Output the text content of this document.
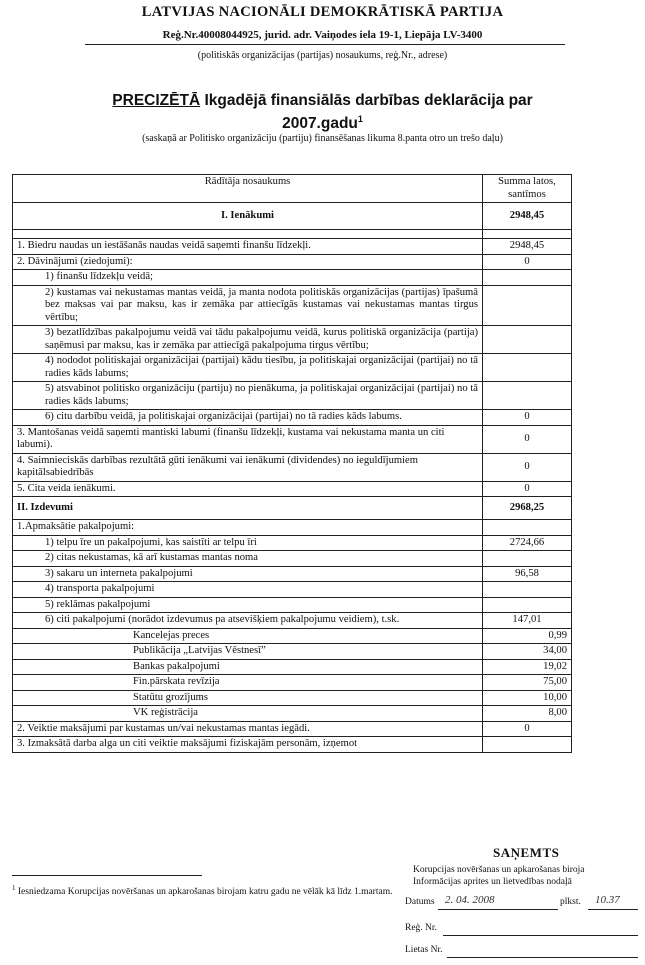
LATVIJAS NACIONĀLI DEMOKRĀTISKĀ PARTIJA
Reģ.Nr.40008044925, jurid. adr. Vaiņodes iela 19-1, Liepāja LV-3400
(politiskās organizācijas (partijas) nosaukums, reģ.Nr., adrese)
PRECIZĒTĀ Ikgadējā finansiālās darbības deklarācija par
2007.gadu$^1$
(saskaņā ar Politisko organizāciju (partiju) finansēšanas likuma 8.panta otro un trešo daļu)
Rādītāja nosaukums	Summa latos, santīmos
I. Ienākumi	2948,45

1. Biedru naudas un iestāšanās naudas veidā saņemti finanšu līdzekļi.	2948,45
2. Dāvinājumi (ziedojumi):	0
1) finanšu līdzekļu veidā;	
2) kustamas vai nekustamas mantas veidā, ja manta nodota politiskās organizācijas (partijas) īpašumā bez maksas vai par maksu, kas ir zemāka par attiecīgās kustamas vai nekustamas mantas tirgus vērtību;	
3) bezatlīdzības pakalpojumu veidā vai tādu pakalpojumu veidā, kurus politiskā organizācija (partija) saņēmusi par maksu, kas ir zemāka par attiecīgā pakalpojuma tirgus vērtību;	
4) nododot politiskajai organizācijai (partijai) kādu tiesību, ja politiskajai organizācijai (partijai) no tā radies kāds labums;	
5) atsvabinot politisko organizāciju (partiju) no pienākuma, ja politiskajai organizācijai (partijai) no tā radies kāds labums;	
6) citu darbību veidā, ja politiskajai organizācijai (partijai) no tā radies kāds labums.	0
3. Mantošanas veidā saņemti mantiski labumi (finanšu līdzekļi, kustama vai nekustama manta un citi labumi).	0
4. Saimnieciskās darbības rezultātā gūti ienākumi vai ienākumi (dividendes) no ieguldījumiem kapitālsabiedrībās	0
5. Cita veida ienākumi.	0
II. Izdevumi	2968,25
1.Apmaksātie pakalpojumi:	
1) telpu īre un pakalpojumi, kas saistīti ar telpu īri	2724,66
2) citas nekustamas, kā arī kustamas mantas noma	
3) sakaru un interneta pakalpojumi	96,58
4) transporta pakalpojumi	
5) reklāmas pakalpojumi	
6) citi pakalpojumi (norādot izdevumus pa atsevišķiem pakalpojumu veidiem), t.sk.	147,01
Kancelejas preces	0,99
Publikācija „Latvijas Vēstnesī”	34,00
Bankas pakalpojumi	19,02
Fin.pārskata revīzija	75,00
Statūtu grozījums	10,00
VK reģistrācija	8,00
2. Veiktie maksājumi par kustamas un/vai nekustamas mantas iegādi.	0
3. Izmaksātā darba alga un citi veiktie maksājumi fiziskajām personām, izņemot	
$^1$ Iesniedzama Korupcijas novēršanas un apkarošanas birojam katru gadu ne vēlāk kā līdz 1.martam.
SAŅEMTS
Korupcijas novēršanas un apkarošanas biroja
Informācijas aprites un lietvedības nodaļā
Datums 2. 04. 2008	plkst. 10.37
Reģ. Nr.
Lietas Nr.
